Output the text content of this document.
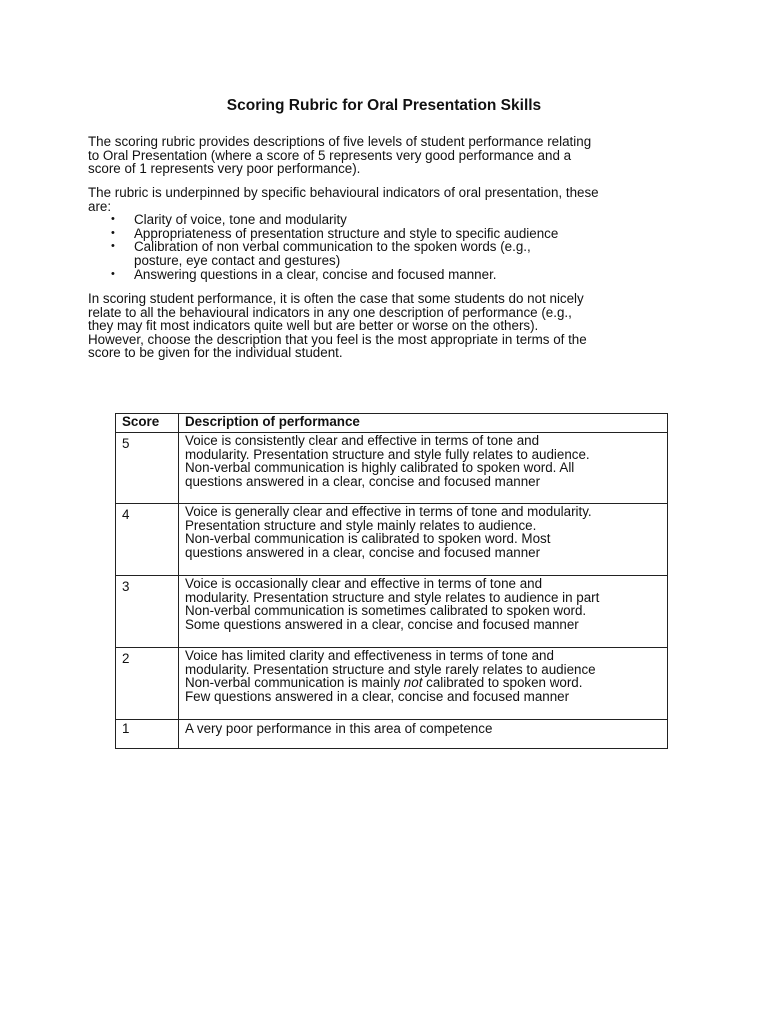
Scoring Rubric for Oral Presentation Skills
The scoring rubric provides descriptions of five levels of student performance relating
to Oral Presentation (where a score of 5 represents very good performance and a
score of 1 represents very poor performance).
The rubric is underpinned by specific behavioural indicators of oral presentation, these
are:
• Clarity of voice, tone and modularity
• Appropriateness of presentation structure and style to specific audience
• Calibration of non verbal communication to the spoken words (e.g.,
posture, eye contact and gestures)
• Answering questions in a clear, concise and focused manner.
In scoring student performance, it is often the case that some students do not nicely
relate to all the behavioural indicators in any one description of performance (e.g.,
they may fit most indicators quite well but are better or worse on the others).
However, choose the description that you feel is the most appropriate in terms of the
score to be given for the individual student.
Score	Description of performance
5	Voice is consistently clear and effective in terms of tone and
modularity. Presentation structure and style fully relates to audience.
Non-verbal communication is highly calibrated to spoken word. All
questions answered in a clear, concise and focused manner

4	Voice is generally clear and effective in terms of tone and modularity.
Presentation structure and style mainly relates to audience.
Non-verbal communication is calibrated to spoken word. Most
questions answered in a clear, concise and focused manner

3	Voice is occasionally clear and effective in terms of tone and
modularity. Presentation structure and style relates to audience in part
Non-verbal communication is sometimes calibrated to spoken word.
Some questions answered in a clear, concise and focused manner

2	Voice has limited clarity and effectiveness in terms of tone and
modularity. Presentation structure and style rarely relates to audience
Non-verbal communication is mainly not calibrated to spoken word.
Few questions answered in a clear, concise and focused manner

1	A very poor performance in this area of competence
